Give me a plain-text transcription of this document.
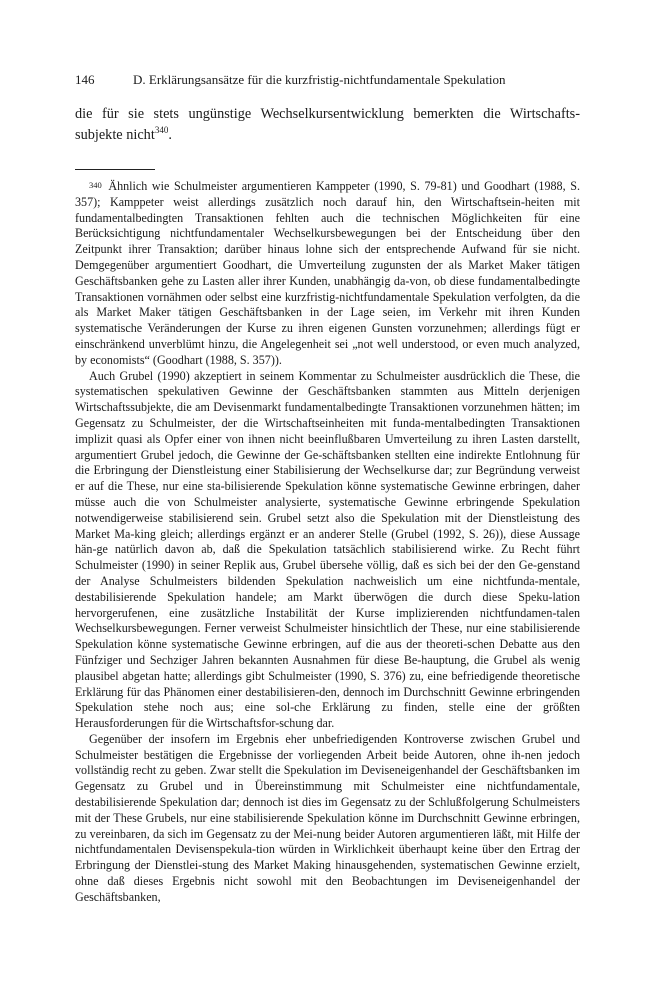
146	D. Erklärungsansätze für die kurzfristig-nichtfundamentale Spekulation

die für sie stets ungünstige Wechselkursentwicklung bemerkten die Wirtschafts-subjekte nicht$^{340}$.

340 Ähnlich wie Schulmeister argumentieren Kamppeter (1990, S. 79-81) und Goodhart (1988, S. 357); Kamppeter weist allerdings zusätzlich noch darauf hin, den Wirtschaftsein-heiten mit fundamentalbedingten Transaktionen fehlten auch die technischen Möglichkeiten für eine Berücksichtigung nichtfundamentaler Wechselkursbewegungen bei der Entscheidung über den Zeitpunkt ihrer Transaktion; darüber hinaus lohne sich der entsprechende Aufwand für sie nicht. Demgegenüber argumentiert Goodhart, die Umverteilung zugunsten der als Market Maker tätigen Geschäftsbanken gehe zu Lasten aller ihrer Kunden, unabhängig da-von, ob diese fundamentalbedingte Transaktionen vornähmen oder selbst eine kurzfristig-nichtfundamentale Spekulation verfolgten, da die als Market Maker tätigen Geschäftsbanken in der Lage seien, im Verkehr mit ihren Kunden systematische Veränderungen der Kurse zu ihren eigenen Gunsten vorzunehmen; allerdings fügt er einschränkend unverblümt hinzu, die Angelegenheit sei „not well understood, or even much analyzed, by economists“ (Goodhart (1988, S. 357)).

Auch Grubel (1990) akzeptiert in seinem Kommentar zu Schulmeister ausdrücklich die These, die systematischen spekulativen Gewinne der Geschäftsbanken stammten aus Mitteln derjenigen Wirtschaftssubjekte, die am Devisenmarkt fundamentalbedingte Transaktionen vorzunehmen hätten; im Gegensatz zu Schulmeister, der die Wirtschaftseinheiten mit funda-mentalbedingten Transaktionen implizit quasi als Opfer einer von ihnen nicht beeinflußbaren Umverteilung zu ihren Lasten darstellt, argumentiert Grubel jedoch, die Gewinne der Ge-schäftsbanken stellten eine indirekte Entlohnung für die Erbringung der Dienstleistung einer Stabilisierung der Wechselkurse dar; zur Begründung verweist er auf die These, nur eine sta-bilisierende Spekulation könne systematische Gewinne erbringen, daher müsse auch die von Schulmeister analysierte, systematische Gewinne erbringende Spekulation notwendigerweise stabilisierend sein. Grubel setzt also die Spekulation mit der Dienstleistung des Market Ma-king gleich; allerdings ergänzt er an anderer Stelle (Grubel (1992, S. 26)), diese Aussage hän-ge natürlich davon ab, daß die Spekulation tatsächlich stabilisierend wirke. Zu Recht führt Schulmeister (1990) in seiner Replik aus, Grubel übersehe völlig, daß es sich bei der den Ge-genstand der Analyse Schulmeisters bildenden Spekulation nachweislich um eine nichtfunda-mentale, destabilisierende Spekulation handele; am Markt überwögen die durch diese Speku-lation hervorgerufenen, eine zusätzliche Instabilität der Kurse implizierenden nichtfundamen-talen Wechselkursbewegungen. Ferner verweist Schulmeister hinsichtlich der These, nur eine stabilisierende Spekulation könne systematische Gewinne erbringen, auf die aus der theoreti-schen Debatte aus den Fünfziger und Sechziger Jahren bekannten Ausnahmen für diese Be-hauptung, die Grubel als wenig plausibel abgetan hatte; allerdings gibt Schulmeister (1990, S. 376) zu, eine befriedigende theoretische Erklärung für das Phänomen einer destabilisieren-den, dennoch im Durchschnitt Gewinne erbringenden Spekulation stehe noch aus; eine sol-che Erklärung zu finden, stelle eine der größten Herausforderungen für die Wirtschaftsfor-schung dar.

Gegenüber der insofern im Ergebnis eher unbefriedigenden Kontroverse zwischen Grubel und Schulmeister bestätigen die Ergebnisse der vorliegenden Arbeit beide Autoren, ohne ih-nen jedoch vollständig recht zu geben. Zwar stellt die Spekulation im Deviseneigenhandel der Geschäftsbanken im Gegensatz zu Grubel und in Übereinstimmung mit Schulmeister eine nichtfundamentale, destabilisierende Spekulation dar; dennoch ist dies im Gegensatz zu der Schlußfolgerung Schulmeisters mit der These Grubels, nur eine stabilisierende Spekulation könne im Durchschnitt Gewinne erbringen, zu vereinbaren, da sich im Gegensatz zu der Mei-nung beider Autoren argumentieren läßt, mit Hilfe der nichtfundamentalen Devisenspekula-tion würden in Wirklichkeit überhaupt keine über den Ertrag der Erbringung der Dienstlei-stung des Market Making hinausgehenden, systematischen Gewinne erzielt, ohne daß dieses Ergebnis nicht sowohl mit den Beobachtungen im Deviseneigenhandel der Geschäftsbanken,
